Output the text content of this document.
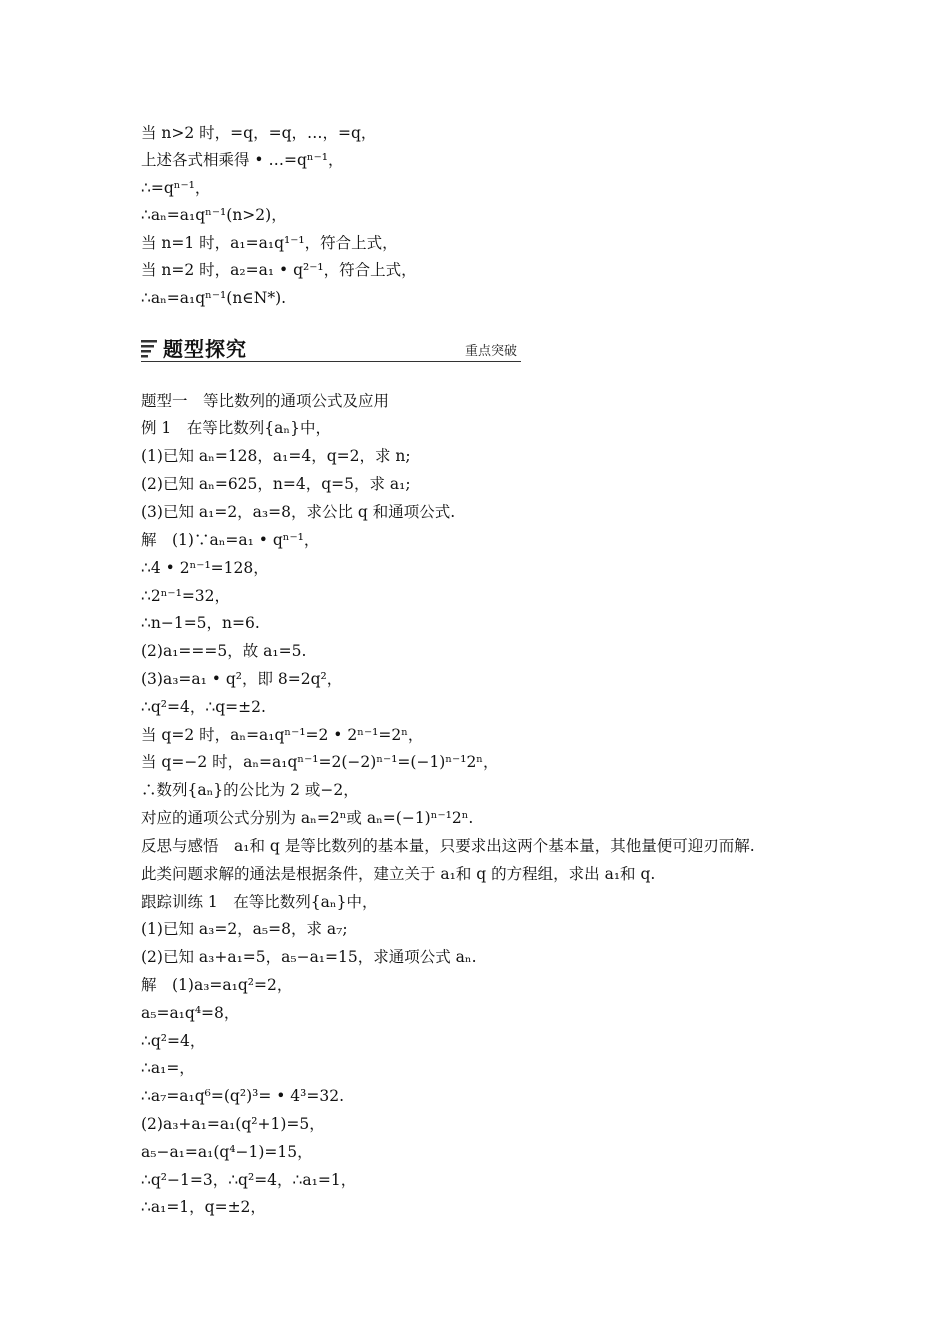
当 n>2 时，=q，=q，…，=q，
上述各式相乘得 • …=qⁿ⁻¹，
∴=qⁿ⁻¹，
∴aₙ=a₁qⁿ⁻¹(n>2)，
当 n=1 时，a₁=a₁q¹⁻¹，符合上式，
当 n=2 时，a₂=a₁ • q²⁻¹，符合上式，
∴aₙ=a₁qⁿ⁻¹(n∈N*).
题型探究	重点突破
题型一　等比数列的通项公式及应用
例 1　在等比数列{aₙ}中，
(1)已知 aₙ=128，a₁=4，q=2，求 n;
(2)已知 aₙ=625，n=4，q=5，求 a₁;
(3)已知 a₁=2，a₃=8，求公比 q 和通项公式.
解　(1)∵aₙ=a₁ • qⁿ⁻¹，
∴4 • 2ⁿ⁻¹=128，
∴2ⁿ⁻¹=32，
∴n−1=5，n=6.
(2)a₁===5，故 a₁=5.
(3)a₃=a₁ • q²，即 8=2q²，
∴q²=4，∴q=±2.
当 q=2 时，aₙ=a₁qⁿ⁻¹=2 • 2ⁿ⁻¹=2ⁿ，
当 q=−2 时，aₙ=a₁qⁿ⁻¹=2(−2)ⁿ⁻¹=(−1)ⁿ⁻¹2ⁿ，
∴数列{aₙ}的公比为 2 或−2，
对应的通项公式分别为 aₙ=2ⁿ或 aₙ=(−1)ⁿ⁻¹2ⁿ.
反思与感悟　a₁和 q 是等比数列的基本量，只要求出这两个基本量，其他量便可迎刃而解.
此类问题求解的通法是根据条件，建立关于 a₁和 q 的方程组，求出 a₁和 q.
跟踪训练 1　在等比数列{aₙ}中，
(1)已知 a₃=2，a₅=8，求 a₇;
(2)已知 a₃+a₁=5，a₅−a₁=15，求通项公式 aₙ.
解　(1)a₃=a₁q²=2，
a₅=a₁q⁴=8，
∴q²=4，
∴a₁=，
∴a₇=a₁q⁶=(q²)³= • 4³=32.
(2)a₃+a₁=a₁(q²+1)=5，
a₅−a₁=a₁(q⁴−1)=15，
∴q²−1=3，∴q²=4，∴a₁=1，
∴a₁=1，q=±2，
